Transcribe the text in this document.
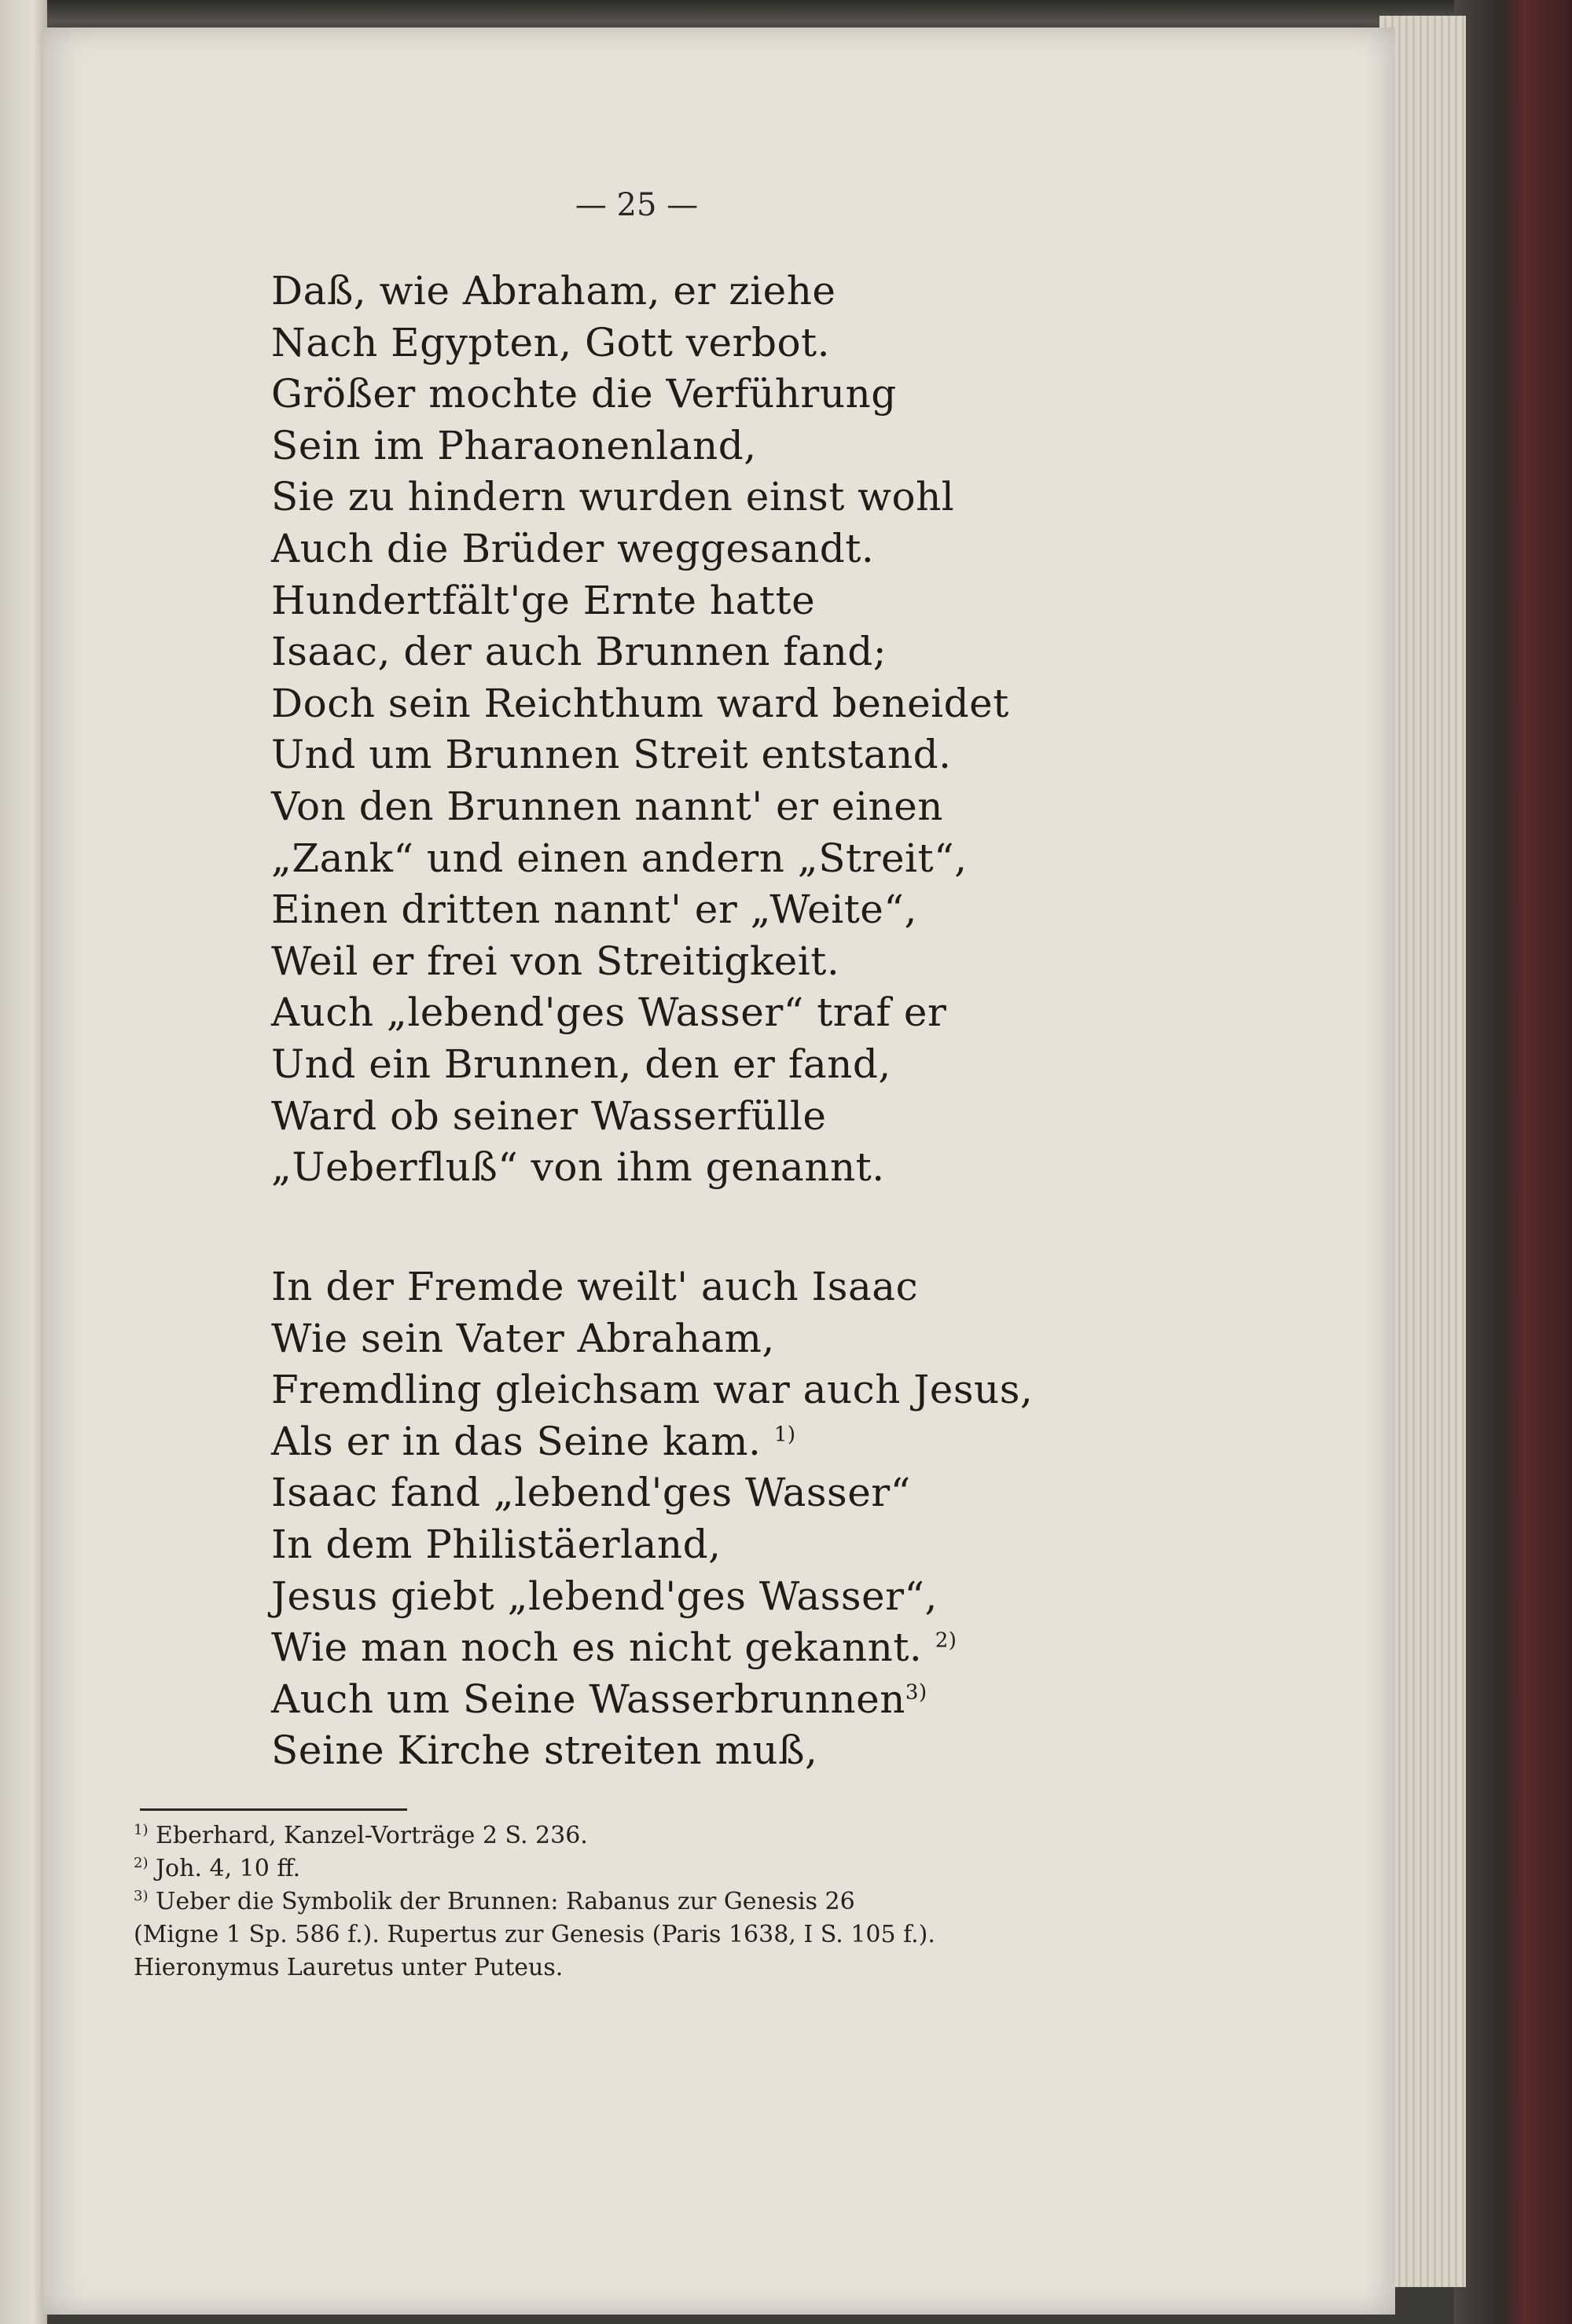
— 25 —
Daß, wie Abraham, er ziehe
Nach Egypten, Gott verbot.
Größer mochte die Verführung
Sein im Pharaonenland,
Sie zu hindern wurden einst wohl
Auch die Brüder weggesandt.
Hundertfält'ge Ernte hatte
Isaac, der auch Brunnen fand;
Doch sein Reichthum ward beneidet
Und um Brunnen Streit entstand.
Von den Brunnen nannt' er einen
„Zank“ und einen andern „Streit“,
Einen dritten nannt' er „Weite“,
Weil er frei von Streitigkeit.
Auch „lebend'ges Wasser“ traf er
Und ein Brunnen, den er fand,
Ward ob seiner Wasserfülle
„Ueberfluß“ von ihm genannt.
In der Fremde weilt' auch Isaac
Wie sein Vater Abraham,
Fremdling gleichsam war auch Jesus,
Als er in das Seine kam. $^{1)}$
Isaac fand „lebend'ges Wasser“
In dem Philistäerland,
Jesus giebt „lebend'ges Wasser“,
Wie man noch es nicht gekannt. $^{2)}$
Auch um Seine Wasserbrunnen$^{3)}$
Seine Kirche streiten muß,
$^{1)}$ Eberhard, Kanzel-Vorträge 2 S. 236.
$^{2)}$ Joh. 4, 10 ff.
$^{3)}$ Ueber die Symbolik der Brunnen: Rabanus zur Genesis 26
(Migne 1 Sp. 586 f.). Rupertus zur Genesis (Paris 1638, I S. 105 f.).
Hieronymus Lauretus unter Puteus.
